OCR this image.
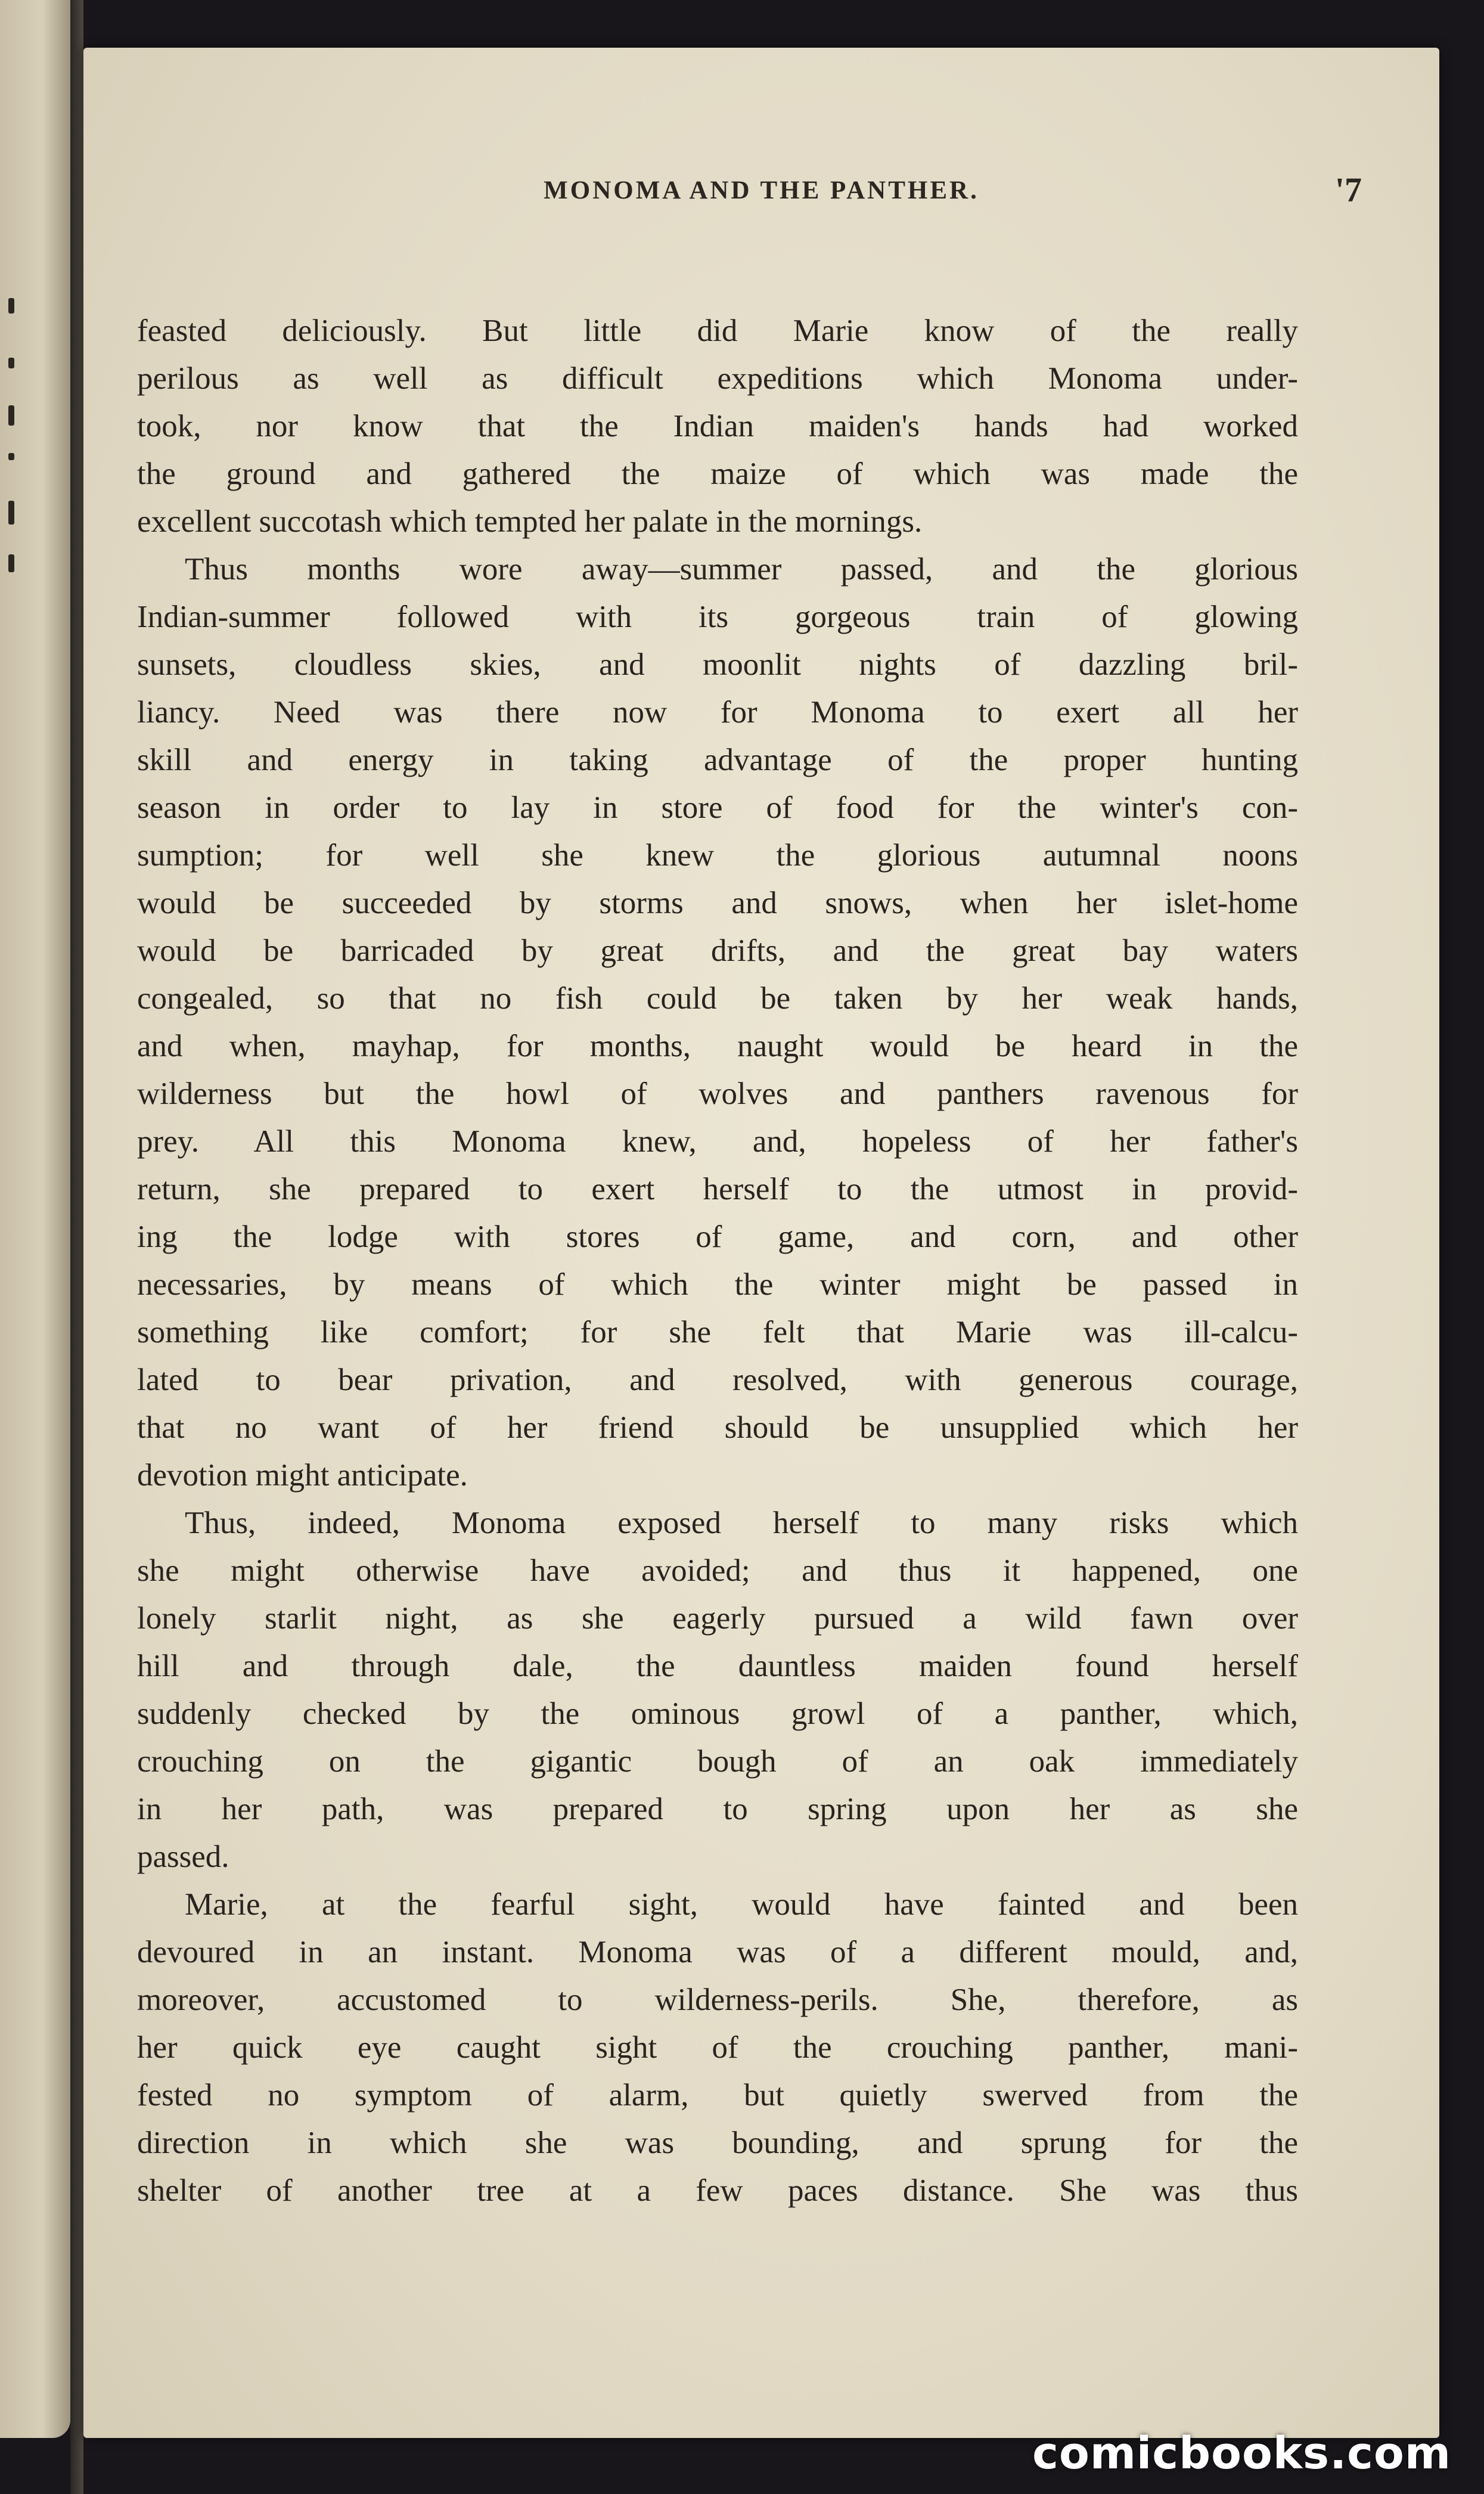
MONOMA AND THE PANTHER.	'7
feasted deliciously. But little did Marie know of the really
perilous as well as difficult expeditions which Monoma under-
took, nor know that the Indian maiden's hands had worked
the ground and gathered the maize of which was made the
excellent succotash which tempted her palate in the mornings.
Thus months wore away—summer passed, and the glorious
Indian-summer followed with its gorgeous train of glowing
sunsets, cloudless skies, and moonlit nights of dazzling bril-
liancy. Need was there now for Monoma to exert all her
skill and energy in taking advantage of the proper hunting
season in order to lay in store of food for the winter's con-
sumption; for well she knew the glorious autumnal noons
would be succeeded by storms and snows, when her islet-home
would be barricaded by great drifts, and the great bay waters
congealed, so that no fish could be taken by her weak hands,
and when, mayhap, for months, naught would be heard in the
wilderness but the howl of wolves and panthers ravenous for
prey. All this Monoma knew, and, hopeless of her father's
return, she prepared to exert herself to the utmost in provid-
ing the lodge with stores of game, and corn, and other
necessaries, by means of which the winter might be passed in
something like comfort; for she felt that Marie was ill-calcu-
lated to bear privation, and resolved, with generous courage,
that no want of her friend should be unsupplied which her
devotion might anticipate.
Thus, indeed, Monoma exposed herself to many risks which
she might otherwise have avoided; and thus it happened, one
lonely starlit night, as she eagerly pursued a wild fawn over
hill and through dale, the dauntless maiden found herself
suddenly checked by the ominous growl of a panther, which,
crouching on the gigantic bough of an oak immediately
in her path, was prepared to spring upon her as she
passed.
Marie, at the fearful sight, would have fainted and been
devoured in an instant. Monoma was of a different mould, and,
moreover, accustomed to wilderness-perils. She, therefore, as
her quick eye caught sight of the crouching panther, mani-
fested no symptom of alarm, but quietly swerved from the
direction in which she was bounding, and sprung for the
shelter of another tree at a few paces distance. She was thus
comicbooks.com
